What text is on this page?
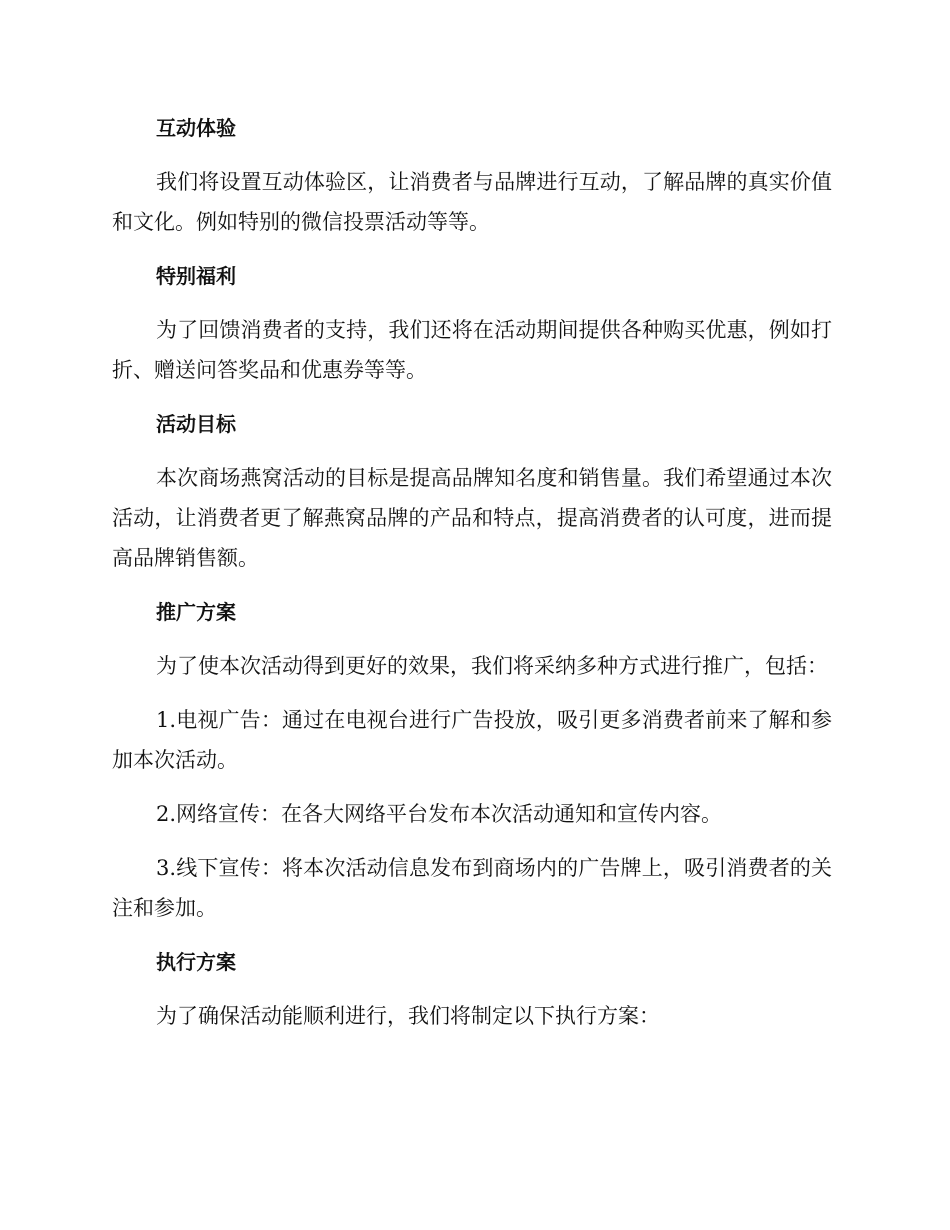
互动体验

我们将设置互动体验区，让消费者与品牌进行互动，了解品牌的真实价值和文化。例如特别的微信投票活动等等。

特别福利

为了回馈消费者的支持，我们还将在活动期间提供各种购买优惠，例如打折、赠送问答奖品和优惠券等等。

活动目标

本次商场燕窝活动的目标是提高品牌知名度和销售量。我们希望通过本次活动，让消费者更了解燕窝品牌的产品和特点，提高消费者的认可度，进而提高品牌销售额。

推广方案

为了使本次活动得到更好的效果，我们将采纳多种方式进行推广，包括：

1.电视广告：通过在电视台进行广告投放，吸引更多消费者前来了解和参加本次活动。

2.网络宣传：在各大网络平台发布本次活动通知和宣传内容。

3.线下宣传：将本次活动信息发布到商场内的广告牌上，吸引消费者的关注和参加。

执行方案

为了确保活动能顺利进行，我们将制定以下执行方案：
